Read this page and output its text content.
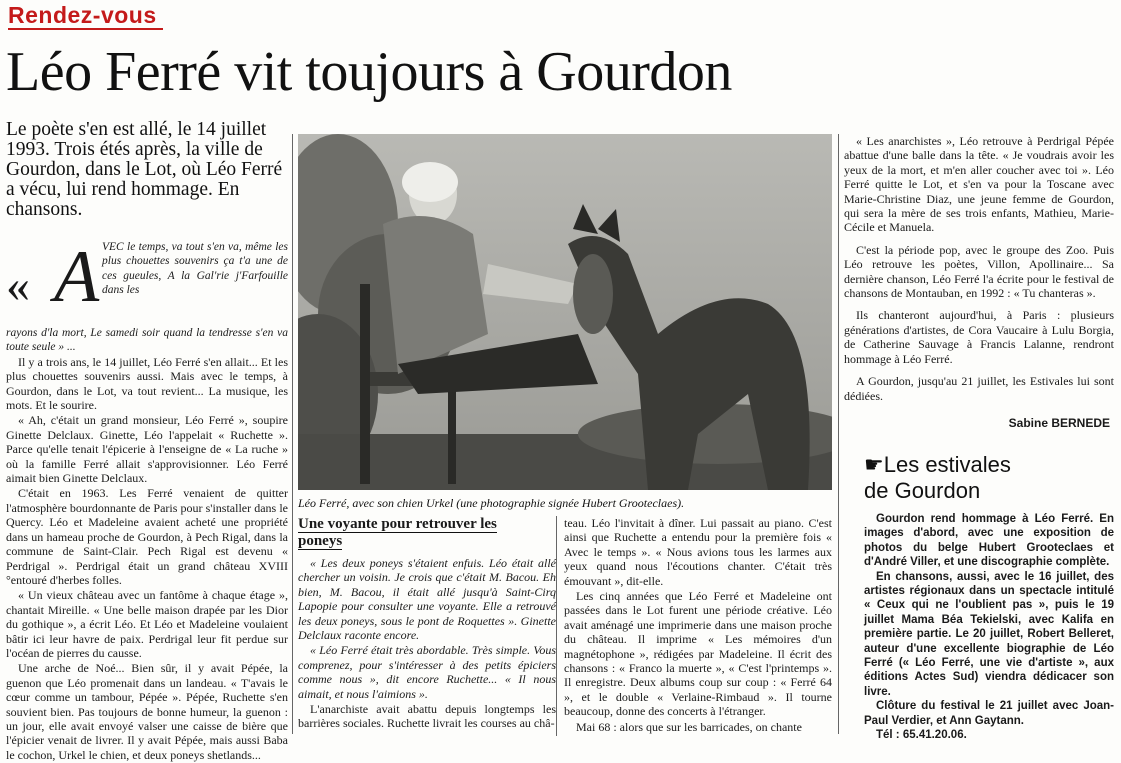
Rendez-vous
Léo Ferré vit toujours à Gourdon
Le poète s'en est allé, le 14 juillet 1993. Trois étés après, la ville de Gourdon, dans le Lot, où Léo Ferré a vécu, lui rend hommage. En chansons.
« A VEC le temps, va tout s'en va, même les plus chouettes souvenirs ça t'a une de ces gueules, A la Gal'rie j'Farfouille dans les
rayons d'la mort, Le samedi soir quand la tendresse s'en va toute seule » ...

Il y a trois ans, le 14 juillet, Léo Ferré s'en allait... Et les plus chouettes souvenirs aussi. Mais avec le temps, à Gourdon, dans le Lot, va tout revient... La musique, les mots. Et le sourire.

« Ah, c'était un grand monsieur, Léo Ferré », soupire Ginette Delclaux. Ginette, Léo l'appelait « Ruchette ». Parce qu'elle tenait l'épicerie à l'enseigne de « La ruche » où la famille Ferré allait s'approvisionner. Léo Ferré aimait bien Ginette Delclaux.

C'était en 1963. Les Ferré venaient de quitter l'atmosphère bourdonnante de Paris pour s'installer dans le Quercy. Léo et Madeleine avaient acheté une propriété dans un hameau proche de Gourdon, à Pech Rigal, dans la commune de Saint-Clair. Pech Rigal est devenu « Perdrigal ». Perdrigal était un grand château XVIII °entouré d'herbes folles.

« Un vieux château avec un fantôme à chaque étage », chantait Mireille. « Une belle maison drapée par les Dior du gothique », a écrit Léo. Et Léo et Madeleine voulaient bâtir ici leur havre de paix. Perdrigal leur fit perdue sur l'océan de pierres du causse.

Une arche de Noé... Bien sûr, il y avait Pépée, la guenon que Léo promenait dans un landeau. « T'avais le cœur comme un tambour, Pépée ». Pépée, Ruchette s'en souvient bien. Pas toujours de bonne humeur, la guenon : un jour, elle avait envoyé valser une caisse de bière que l'épicier venait de livrer. Il y avait Pépée, mais aussi Baba le cochon, Urkel le chien, et deux poneys shetlands...

Léo Ferré, avec son chien Urkel (une photographie signée Hubert Grooteclaes).
Une voyante pour retrouver les poneys

« Les deux poneys s'étaient enfuis. Léo était allé chercher un voisin. Je crois que c'était M. Bacou. Eh bien, M. Bacou, il était allé jusqu'à Saint-Cirq Lapopie pour consulter une voyante. Elle a retrouvé les deux poneys, sous le pont de Roquettes ». Ginette Delclaux raconte encore.

« Léo Ferré était très abordable. Très simple. Vous comprenez, pour s'intéresser à des petits épiciers comme nous », dit encore Ruchette... « Il nous aimait, et nous l'aimions ».

L'anarchiste avait abattu depuis longtemps les barrières sociales. Ruchette livrait les courses au châ-

teau. Léo l'invitait à dîner. Lui passait au piano. C'est ainsi que Ruchette a entendu pour la première fois « Avec le temps ». « Nous avions tous les larmes aux yeux quand nous l'écoutions chanter. C'était très émouvant », dit-elle.

Les cinq années que Léo Ferré et Madeleine ont passées dans le Lot furent une période créative. Léo avait aménagé une imprimerie dans une maison proche du château. Il imprime « Les mémoires d'un magnétophone », rédigées par Madeleine. Il écrit des chansons : « Franco la muerte », « C'est l'printemps ». Il enregistre. Deux albums coup sur coup : « Ferré 64 », et le double « Verlaine-Rimbaud ». Il tourne beaucoup, donne des concerts à l'étranger.

Mai 68 : alors que sur les barricades, on chante

« Les anarchistes », Léo retrouve à Perdrigal Pépée abattue d'une balle dans la tête. « Je voudrais avoir les yeux de la mort, et m'en aller coucher avec toi ». Léo Ferré quitte le Lot, et s'en va pour la Toscane avec Marie-Christine Diaz, une jeune femme de Gourdon, qui sera la mère de ses trois enfants, Mathieu, Marie-Cécile et Manuela.

C'est la période pop, avec le groupe des Zoo. Puis Léo retrouve les poètes, Villon, Apollinaire... Sa dernière chanson, Léo Ferré l'a écrite pour le festival de chansons de Montauban, en 1992 : « Tu chanteras ».

Ils chanteront aujourd'hui, à Paris : plusieurs générations d'artistes, de Cora Vaucaire à Lulu Borgia, de Catherine Sauvage à Francis Lalanne, rendront hommage à Léo Ferré.

A Gourdon, jusqu'au 21 juillet, les Estivales lui sont dédiées.

Sabine BERNEDE
☛Les estivales
de Gourdon

Gourdon rend hommage à Léo Ferré. En images d'abord, avec une exposition de photos du belge Hubert Grooteclaes et d'André Viller, et une discographie complète.

En chansons, aussi, avec le 16 juillet, des artistes régionaux dans un spectacle intitulé « Ceux qui ne l'oublient pas », puis le 19 juillet Mama Béa Tekielski, avec Kalifa en première partie. Le 20 juillet, Robert Belleret, auteur d'une excellente biographie de Léo Ferré (« Léo Ferré, une vie d'artiste », aux éditions Actes Sud) viendra dédicacer son livre.

Clôture du festival le 21 juillet avec Joan-Paul Verdier, et Ann Gaytann.

Tél : 65.41.20.06.
